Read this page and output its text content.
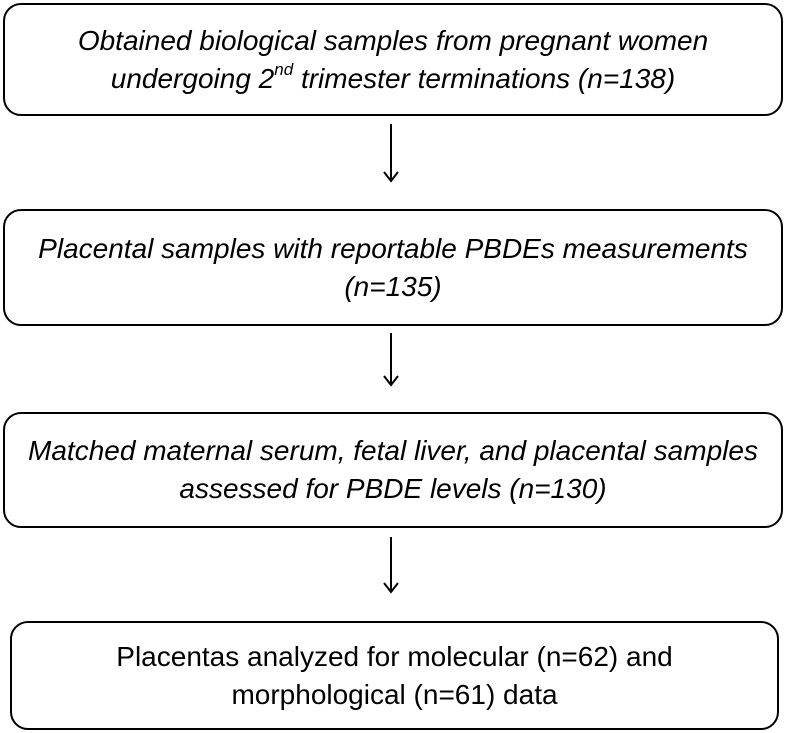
Obtained biological samples from pregnant women undergoing 2nd trimester terminations (n=138)
Placental samples with reportable PBDEs measurements (n=135)
Matched maternal serum, fetal liver, and placental samples assessed for PBDE levels (n=130)
Placentas analyzed for molecular (n=62) and morphological (n=61) data
